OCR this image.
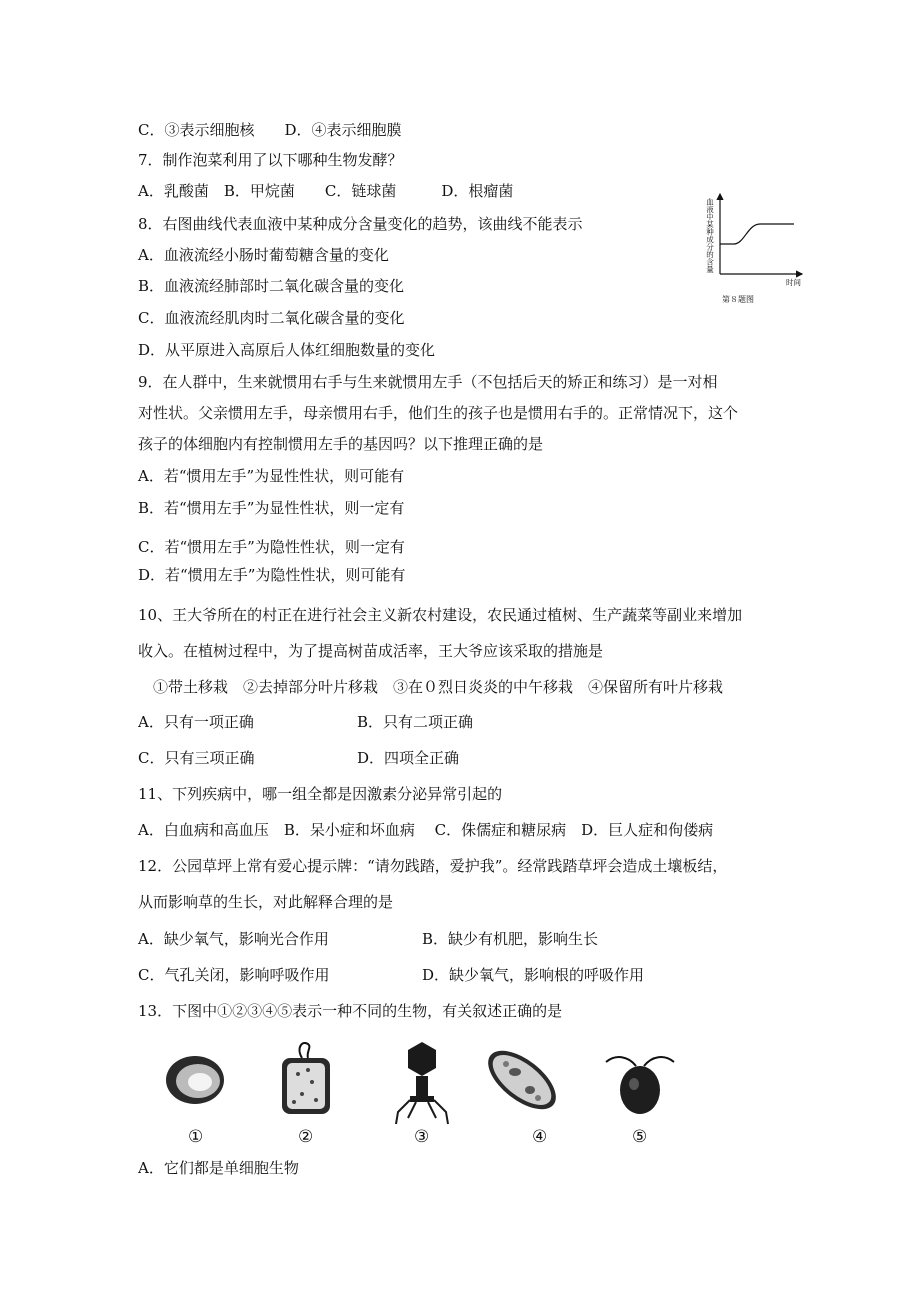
C．③表示细胞核　　D．④表示细胞膜
7．制作泡菜利用了以下哪种生物发酵？
A．乳酸菌　B．甲烷菌　　C．链球菌　　　D．根瘤菌
8．右图曲线代表血液中某种成分含量变化的趋势，该曲线不能表示
A．血液流经小肠时葡萄糖含量的变化
B．血液流经肺部时二氧化碳含量的变化
C．血液流经肌肉时二氧化碳含量的变化
D．从平原进入高原后人体红细胞数量的变化
9．在人群中，生来就惯用右手与生来就惯用左手（不包括后天的矫正和练习）是一对相
对性状。父亲惯用左手，母亲惯用右手，他们生的孩子也是惯用右手的。正常情况下，这个
孩子的体细胞内有控制惯用左手的基因吗？以下推理正确的是
A．若“惯用左手”为显性性状，则可能有
B．若“惯用左手”为显性性状，则一定有
C．若“惯用左手”为隐性性状，则一定有
D．若“惯用左手”为隐性性状，则可能有
10、王大爷所在的村正在进行社会主义新农村建设，农民通过植树、生产蔬菜等副业来增加
收入。在植树过程中，为了提高树苗成活率，王大爷应该采取的措施是
　①带土移栽　②去掉部分叶片移栽　③在０烈日炎炎的中午移栽　④保留所有叶片移栽
A．只有一项正确	B．只有二项正确
C．只有三项正确	D．四项全正确
11、下列疾病中，哪一组全都是因激素分泌异常引起的
A．白血病和高血压　B．呆小症和坏血病　 C．侏儒症和糖尿病　D．巨人症和佝偻病
12．公园草坪上常有爱心提示牌：“请勿践踏，爱护我”。经常践踏草坪会造成土壤板结，
从而影响草的生长，对此解释合理的是
A．缺少氧气，影响光合作用	B．缺少有机肥，影响生长
C．气孔关闭，影响呼吸作用	D．缺少氧气，影响根的呼吸作用
13．下图中①②③④⑤表示一种不同的生物，有关叙述正确的是
A．它们都是单细胞生物
血液中某种成分的含量
时间
第８题图
①	②	③	④	⑤
